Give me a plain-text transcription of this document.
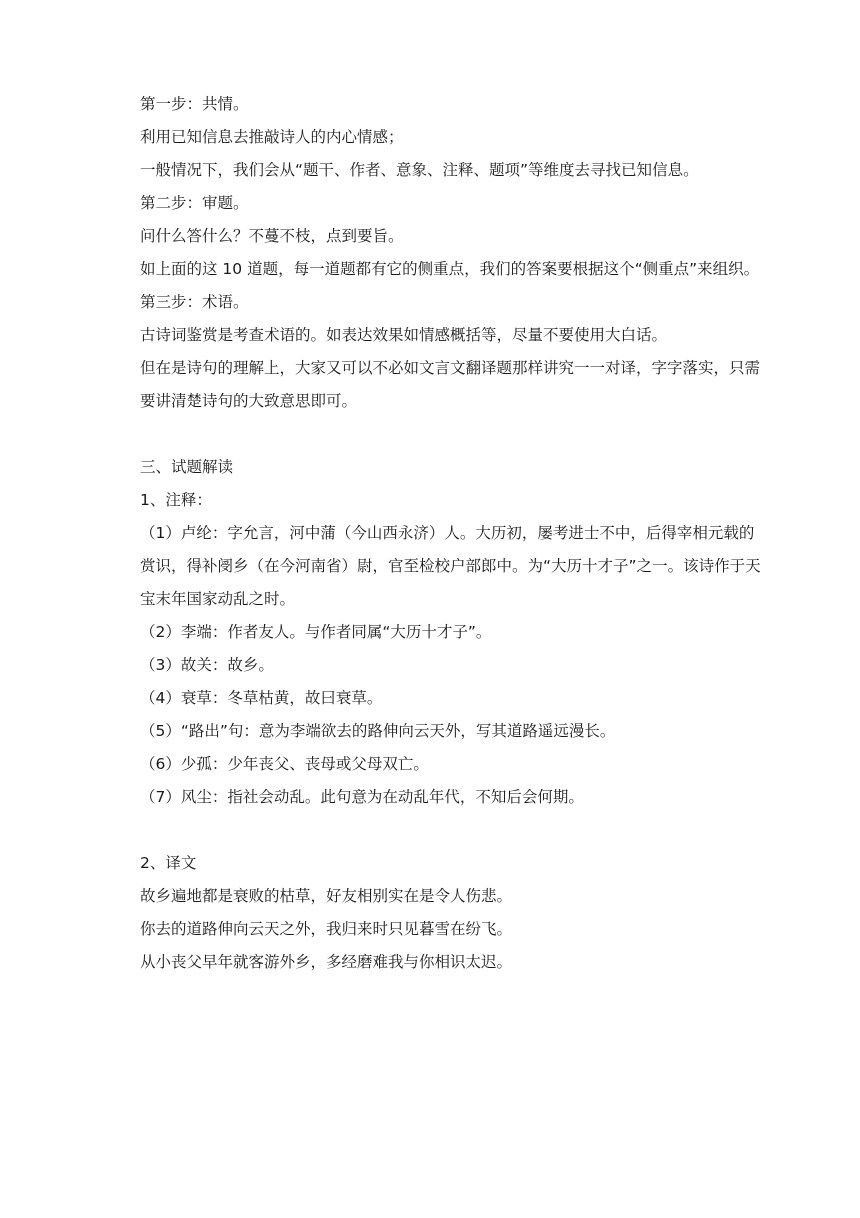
第一步：共情。

利用已知信息去推敲诗人的内心情感；

一般情况下，我们会从“题干、作者、意象、注释、题项”等维度去寻找已知信息。

第二步：审题。

问什么答什么？不蔓不枝，点到要旨。

如上面的这 10 道题，每一道题都有它的侧重点，我们的答案要根据这个“侧重点”来组织。

第三步：术语。

古诗词鉴赏是考查术语的。如表达效果如情感概括等，尽量不要使用大白话。

但在是诗句的理解上，大家又可以不必如文言文翻译题那样讲究一一对译，字字落实，只需要讲清楚诗句的大致意思即可。

三、试题解读

1、注释：

（1）卢纶：字允言，河中蒲（今山西永济）人。大历初，屡考进士不中，后得宰相元载的赏识，得补阌乡（在今河南省）尉，官至检校户部郎中。为“大历十才子”之一。该诗作于天宝末年国家动乱之时。

（2）李端：作者友人。与作者同属“大历十才子”。

（3）故关：故乡。

（4）衰草：冬草枯黄，故曰衰草。

（5）“路出”句：意为李端欲去的路伸向云天外，写其道路遥远漫长。

（6）少孤：少年丧父、丧母或父母双亡。

（7）风尘：指社会动乱。此句意为在动乱年代，不知后会何期。

2、译文

故乡遍地都是衰败的枯草，好友相别实在是令人伤悲。

你去的道路伸向云天之外，我归来时只见暮雪在纷飞。

从小丧父早年就客游外乡，多经磨难我与你相识太迟。
